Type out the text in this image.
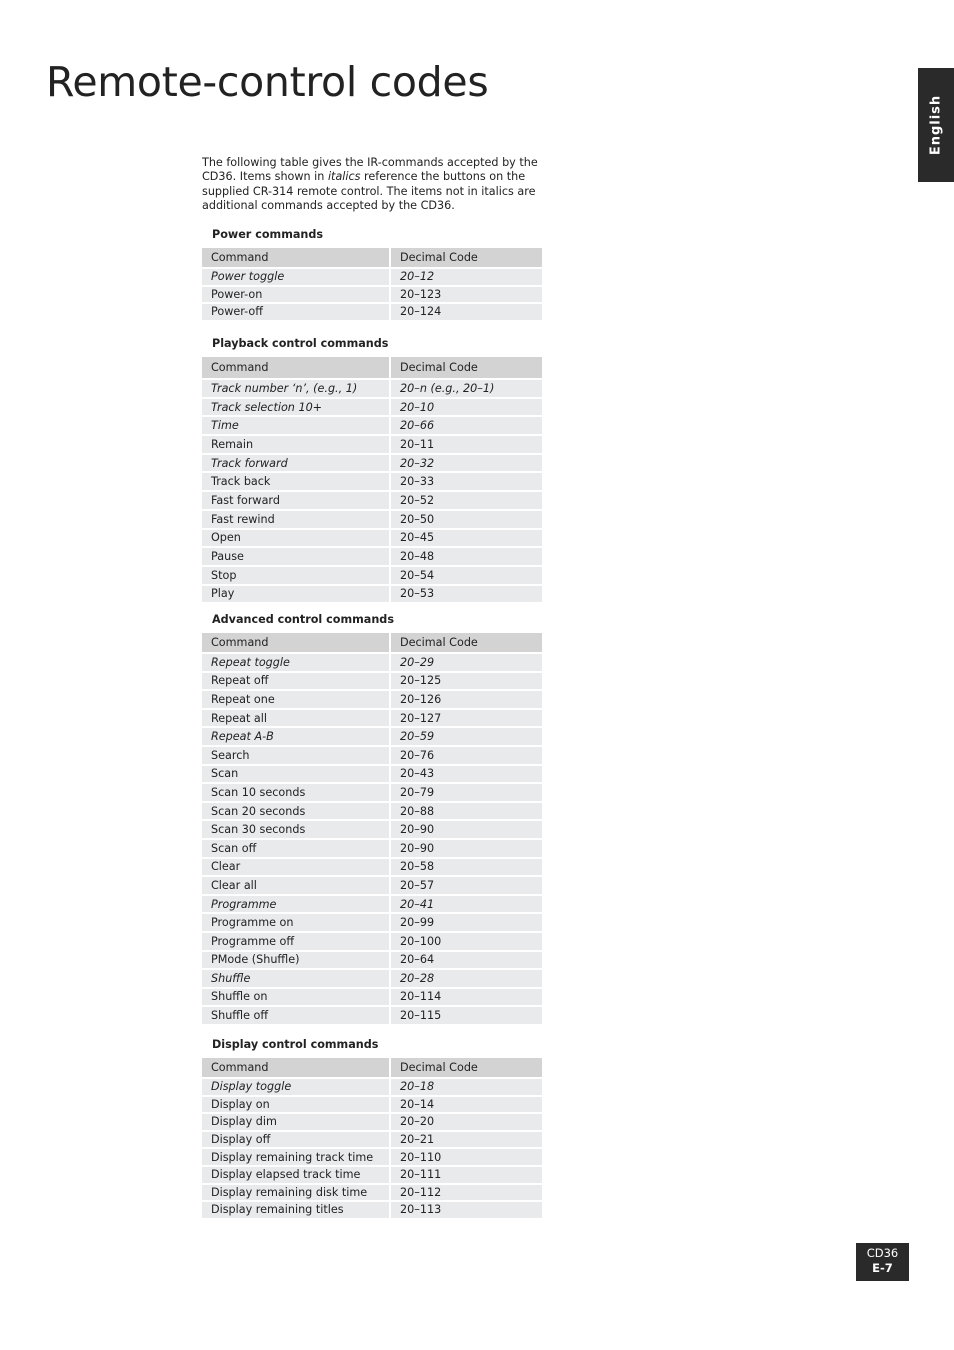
Remote-control codes
English

The following table gives the IR-commands accepted by the CD36. Items shown in italics reference the buttons on the supplied CR-314 remote control. The items not in italics are additional commands accepted by the CD36.

Power commands
Command	Decimal Code
Power toggle	20–12
Power-on	20–123
Power-off	20–124
Playback control commands
Command	Decimal Code
Track number ‘n’, (e.g., 1)	20–n (e.g., 20–1)
Track selection 10+	20–10
Time	20–66
Remain	20–11
Track forward	20–32
Track back	20–33
Fast forward	20–52
Fast rewind	20–50
Open	20–45
Pause	20–48
Stop	20–54
Play	20–53
Advanced control commands
Command	Decimal Code
Repeat toggle	20–29
Repeat off	20–125
Repeat one	20–126
Repeat all	20–127
Repeat A-B	20–59
Search	20–76
Scan	20–43
Scan 10 seconds	20–79
Scan 20 seconds	20–88
Scan 30 seconds	20–90
Scan off	20–90
Clear	20–58
Clear all	20–57
Programme	20–41
Programme on	20–99
Programme off	20–100
PMode (Shuffle)	20–64
Shuffle	20–28
Shuffle on	20–114
Shuffle off	20–115
Display control commands
Command	Decimal Code
Display toggle	20–18
Display on	20–14
Display dim	20–20
Display off	20–21
Display remaining track time	20–110
Display elapsed track time	20–111
Display remaining disk time	20–112
Display remaining titles	20–113
CD36
E-7
